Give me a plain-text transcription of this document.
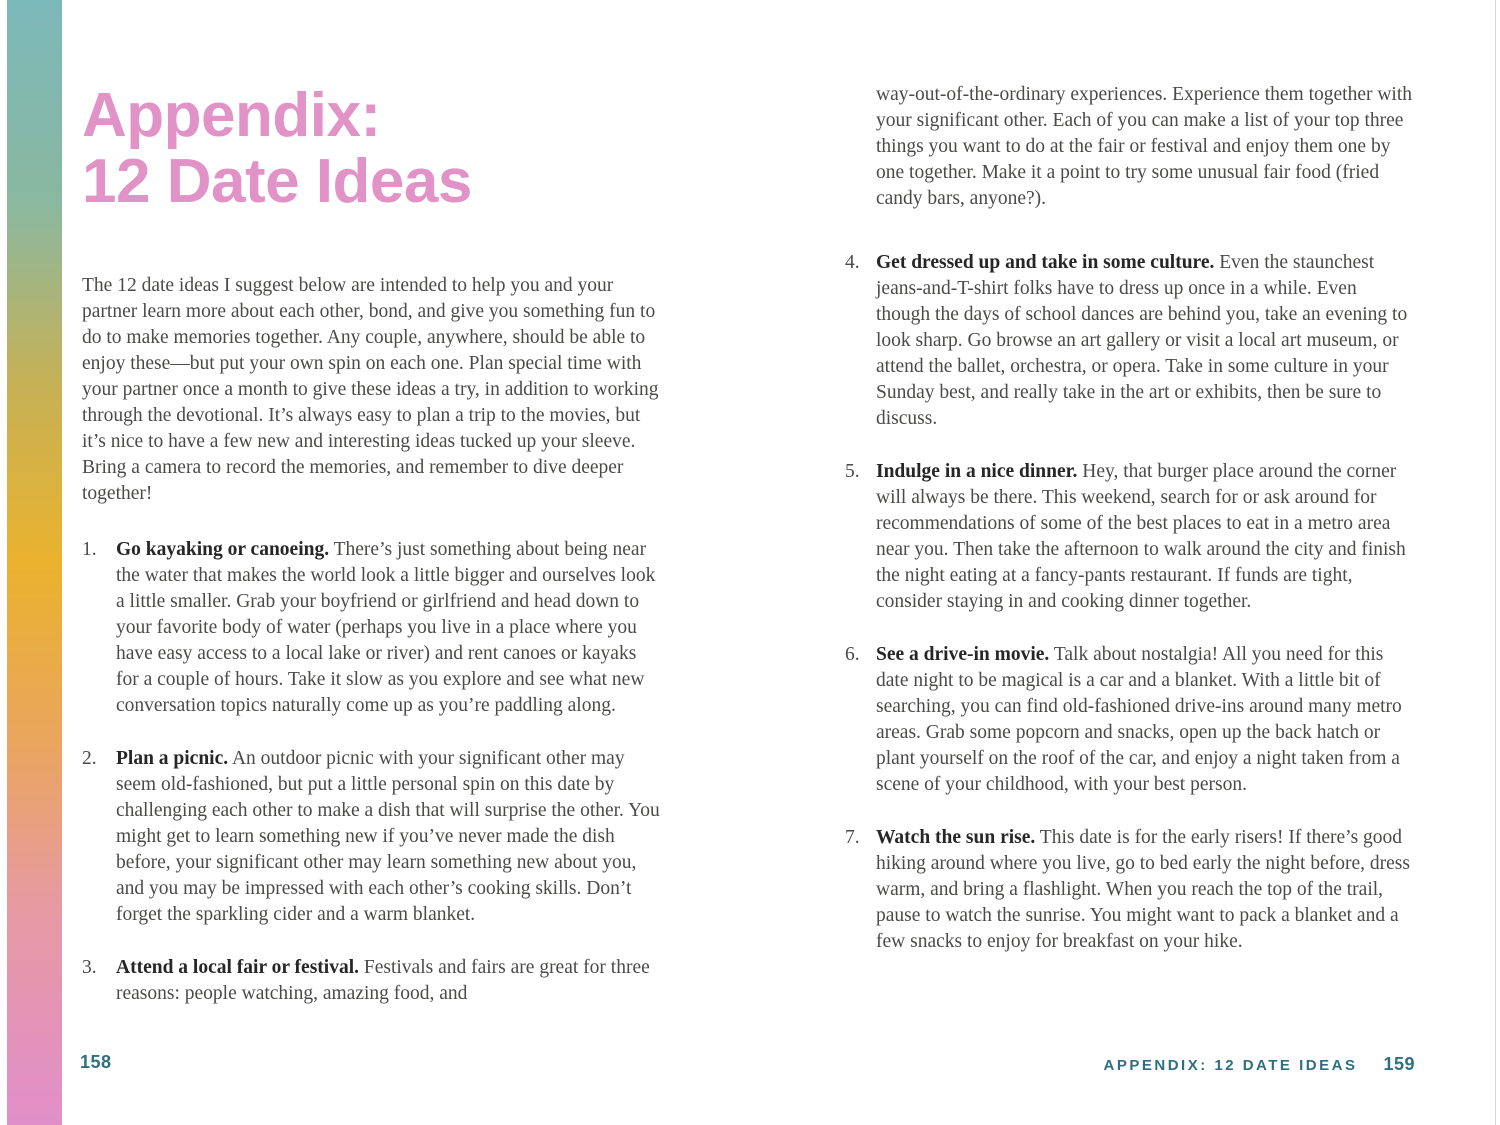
Appendix:
12 Date Ideas

The 12 date ideas I suggest below are intended to help you and your partner learn more about each other, bond, and give you something fun to do to make memories together. Any couple, anywhere, should be able to enjoy these—but put your own spin on each one. Plan special time with your partner once a month to give these ideas a try, in addition to working through the devotional. It’s always easy to plan a trip to the movies, but it’s nice to have a few new and interesting ideas tucked up your sleeve. Bring a camera to record the memories, and remember to dive deeper together!

1. Go kayaking or canoeing. There’s just something about being near the water that makes the world look a little bigger and ourselves look a little smaller. Grab your boyfriend or girlfriend and head down to your favorite body of water (perhaps you live in a place where you have easy access to a local lake or river) and rent canoes or kayaks for a couple of hours. Take it slow as you explore and see what new conversation topics naturally come up as you’re paddling along.
2. Plan a picnic. An outdoor picnic with your significant other may seem old-fashioned, but put a little personal spin on this date by challenging each other to make a dish that will surprise the other. You might get to learn something new if you’ve never made the dish before, your significant other may learn something new about you, and you may be impressed with each other’s cooking skills. Don’t forget the sparkling cider and a warm blanket.
3. Attend a local fair or festival. Festivals and fairs are great for three reasons: people watching, amazing food, and

way-out-of-the-ordinary experiences. Experience them together with your significant other. Each of you can make a list of your top three things you want to do at the fair or festival and enjoy them one by one together. Make it a point to try some unusual fair food (fried candy bars, anyone?).

4. Get dressed up and take in some culture. Even the staunchest jeans-and-T-shirt folks have to dress up once in a while. Even though the days of school dances are behind you, take an evening to look sharp. Go browse an art gallery or visit a local art museum, or attend the ballet, orchestra, or opera. Take in some culture in your Sunday best, and really take in the art or exhibits, then be sure to discuss.
5. Indulge in a nice dinner. Hey, that burger place around the corner will always be there. This weekend, search for or ask around for recommendations of some of the best places to eat in a metro area near you. Then take the afternoon to walk around the city and finish the night eating at a fancy-pants restaurant. If funds are tight, consider staying in and cooking dinner together.
6. See a drive-in movie. Talk about nostalgia! All you need for this date night to be magical is a car and a blanket. With a little bit of searching, you can find old-fashioned drive-ins around many metro areas. Grab some popcorn and snacks, open up the back hatch or plant yourself on the roof of the car, and enjoy a night taken from a scene of your childhood, with your best person.
7. Watch the sun rise. This date is for the early risers! If there’s good hiking around where you live, go to bed early the night before, dress warm, and bring a flashlight. When you reach the top of the trail, pause to watch the sunrise. You might want to pack a blanket and a few snacks to enjoy for breakfast on your hike.
158	APPENDIX: 12 DATE IDEAS 159
